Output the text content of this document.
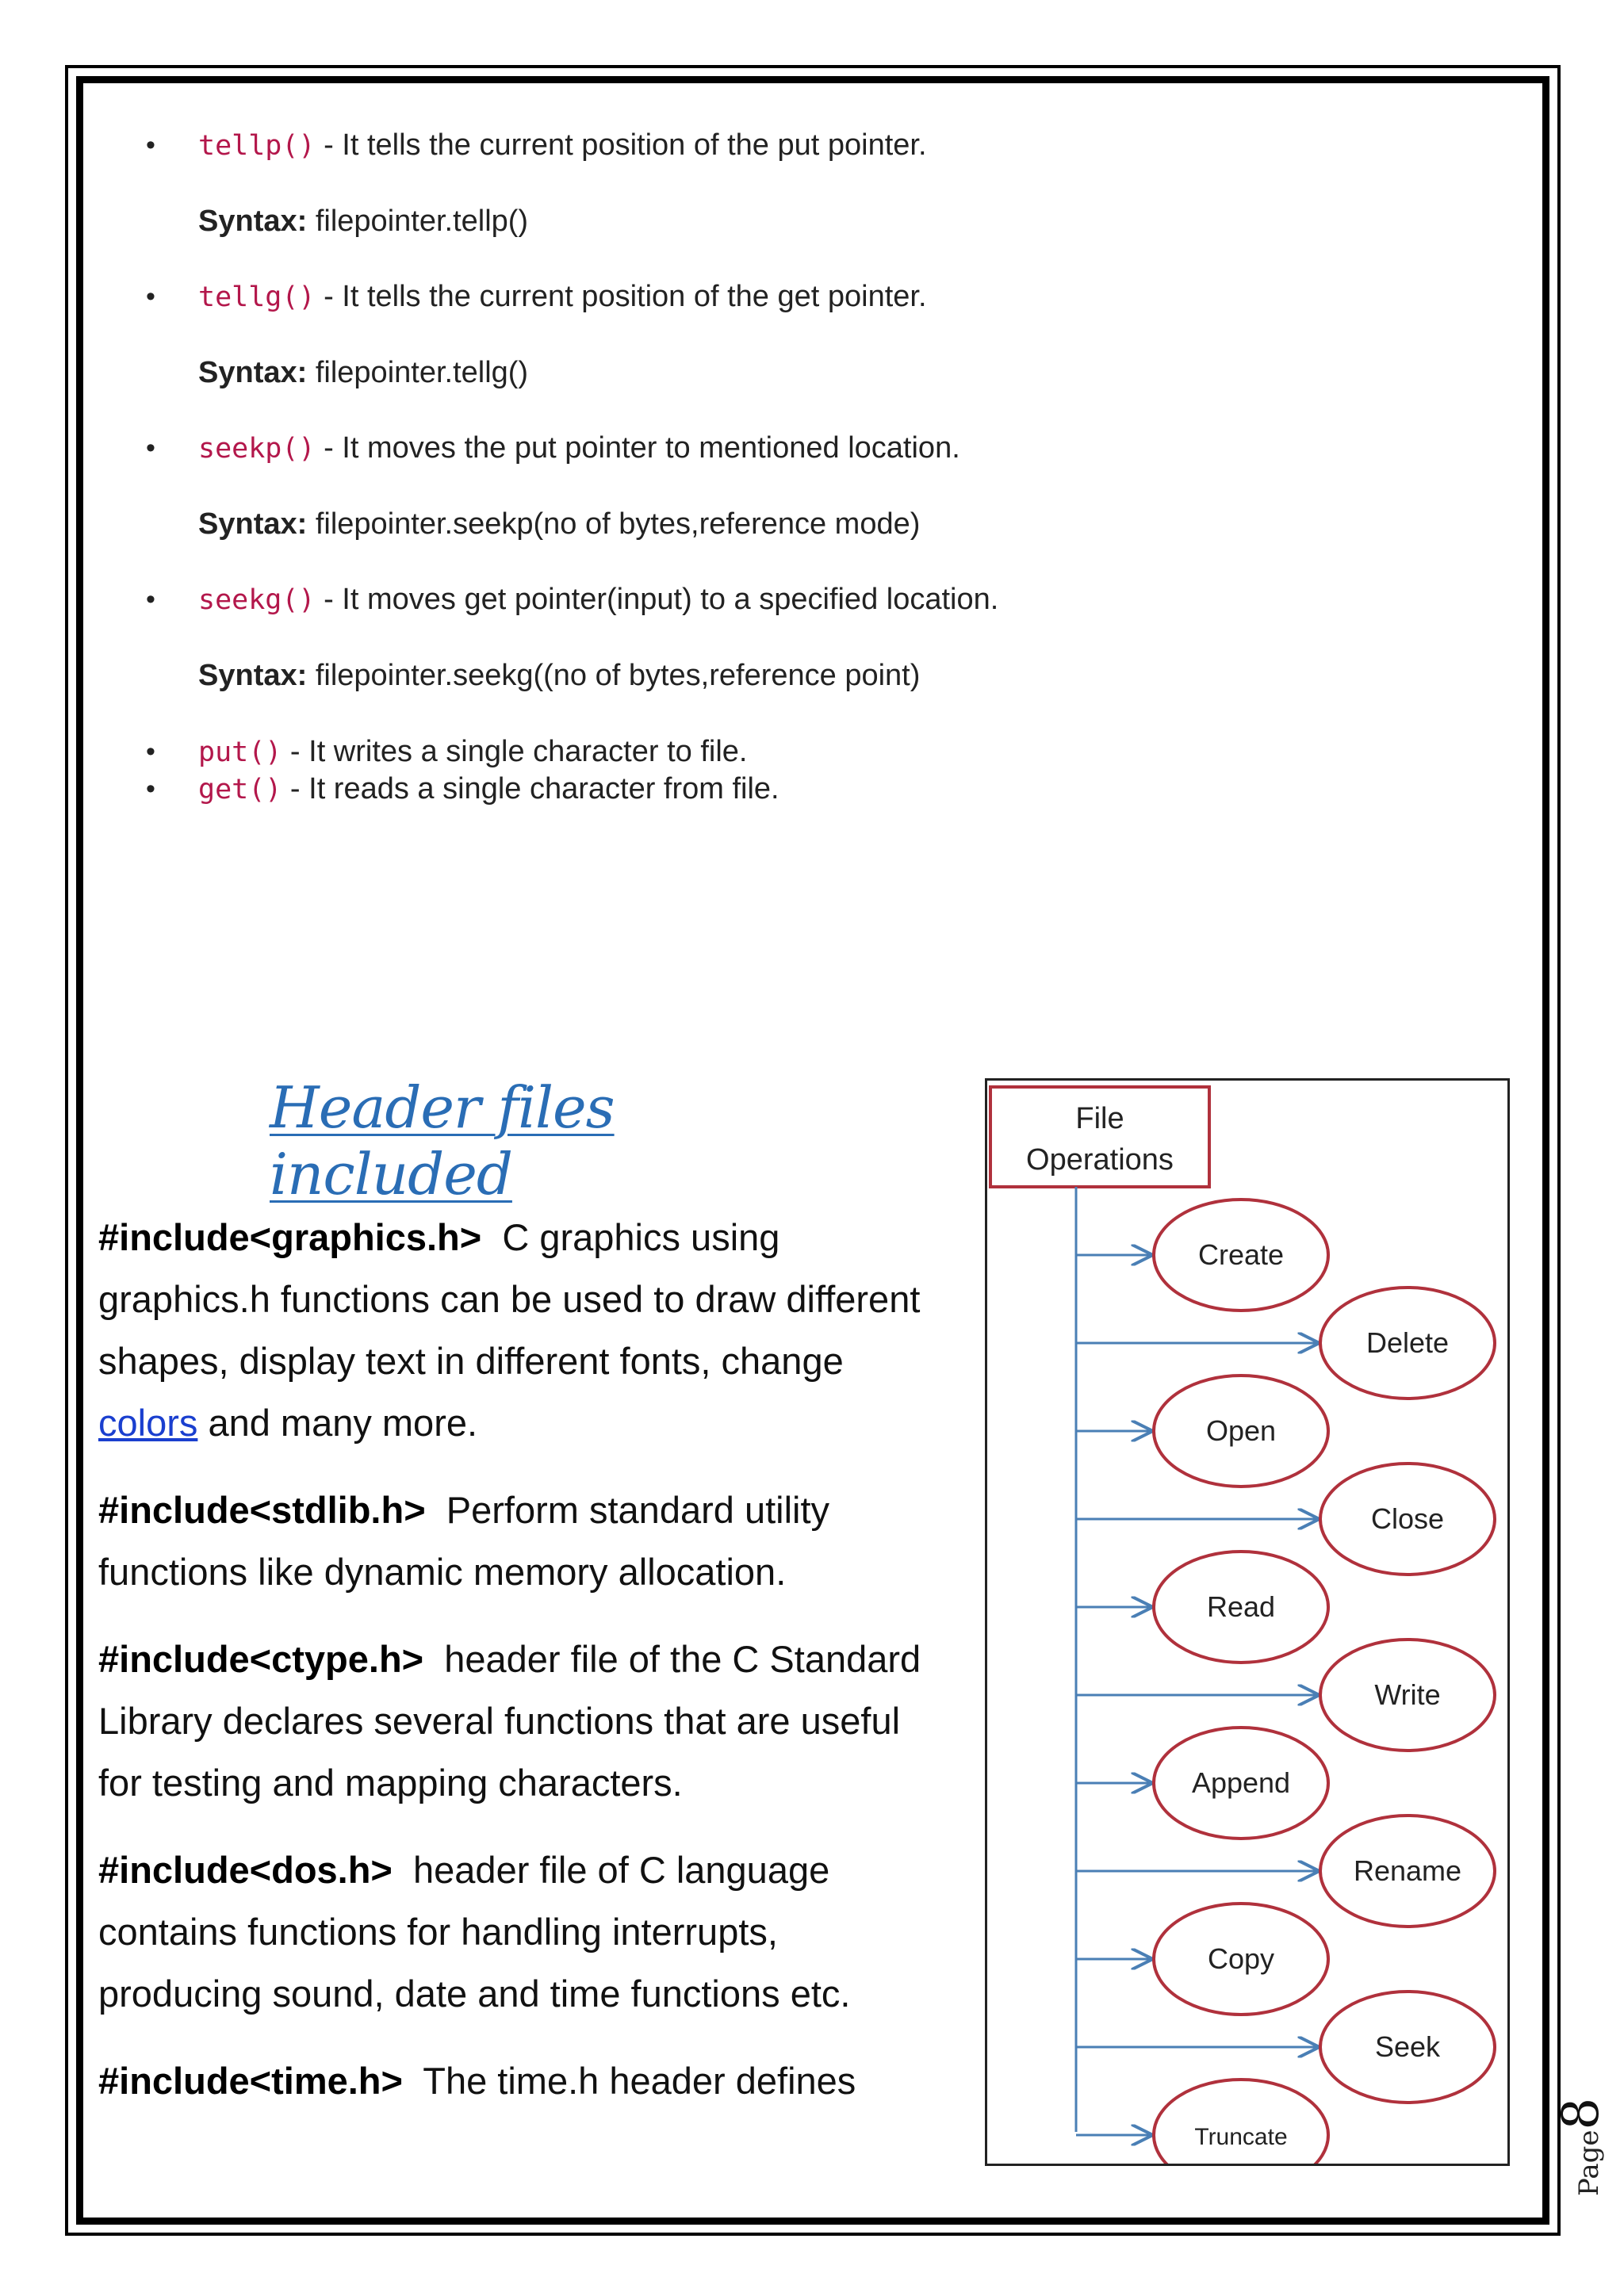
• tellp() - It tells the current position of the put pointer.
Syntax: filepointer.tellp()
• tellg() - It tells the current position of the get pointer.
Syntax: filepointer.tellg()
• seekp() - It moves the put pointer to mentioned location.
Syntax: filepointer.seekp(no of bytes,reference mode)
• seekg() - It moves get pointer(input) to a specified location.
Syntax: filepointer.seekg((no of bytes,reference point)
• put() - It writes a single character to file.
• get() - It reads a single character from file.
Header files included

#include<graphics.h> C graphics using graphics.h functions can be used to draw different shapes, display text in different fonts, change colors and many more.

#include<stdlib.h> Perform standard utility functions like dynamic memory allocation.

#include<ctype.h> header file of the C Standard Library declares several functions that are useful for testing and mapping characters.

#include<dos.h> header file of C language contains functions for handling interrupts, producing sound, date and time functions etc.

#include<time.h> The time.h header defines

File
Operations
Create
Delete
Open
Close
Read
Write
Append
Rename
Copy
Seek
Truncate	Page8
